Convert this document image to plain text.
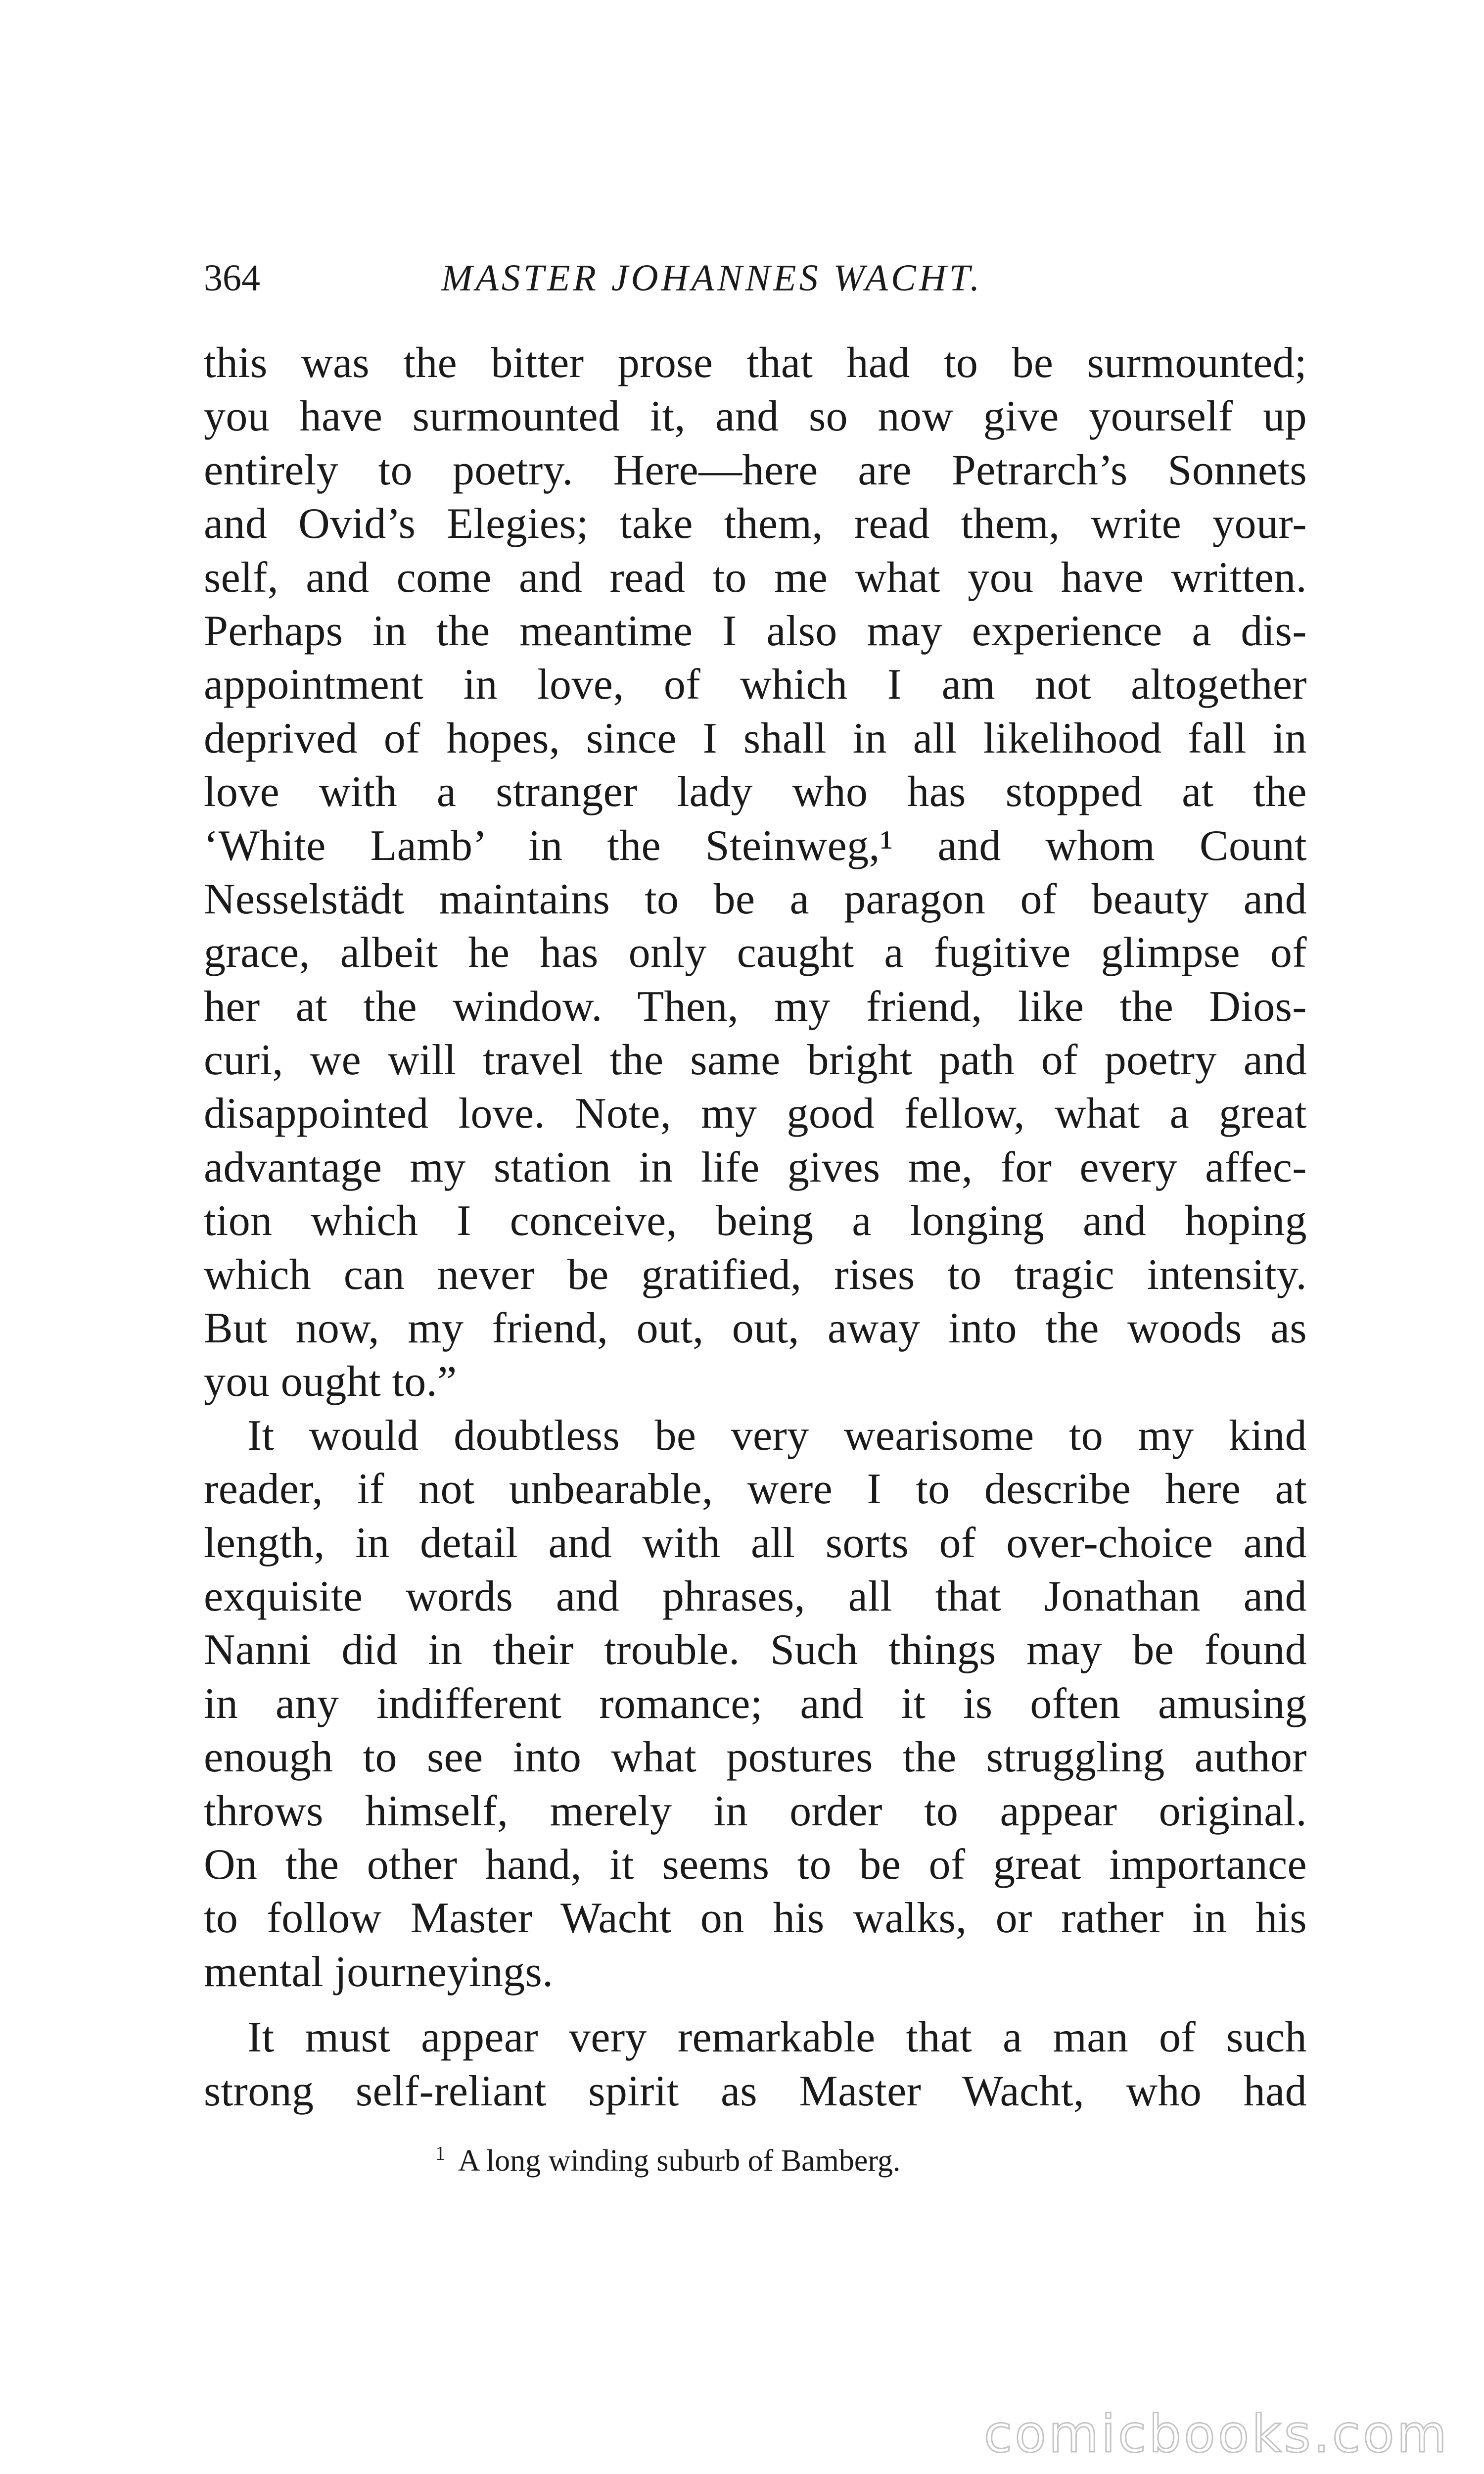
364	MASTER JOHANNES WACHT.
this was the bitter prose that had to be surmounted;
you have surmounted it, and so now give yourself up
entirely to poetry. Here—here are Petrarch’s Sonnets
and Ovid’s Elegies; take them, read them, write your-
self, and come and read to me what you have written.
Perhaps in the meantime I also may experience a dis-
appointment in love, of which I am not altogether
deprived of hopes, since I shall in all likelihood fall in
love with a stranger lady who has stopped at the
‘White Lamb’ in the Steinweg,¹ and whom Count
Nesselstädt maintains to be a paragon of beauty and
grace, albeit he has only caught a fugitive glimpse of
her at the window. Then, my friend, like the Dios-
curi, we will travel the same bright path of poetry and
disappointed love. Note, my good fellow, what a great
advantage my station in life gives me, for every affec-
tion which I conceive, being a longing and hoping
which can never be gratified, rises to tragic intensity.
But now, my friend, out, out, away into the woods as
you ought to.”
It would doubtless be very wearisome to my kind
reader, if not unbearable, were I to describe here at
length, in detail and with all sorts of over-choice and
exquisite words and phrases, all that Jonathan and
Nanni did in their trouble. Such things may be found
in any indifferent romance; and it is often amusing
enough to see into what postures the struggling author
throws himself, merely in order to appear original.
On the other hand, it seems to be of great importance
to follow Master Wacht on his walks, or rather in his
mental journeyings.
It must appear very remarkable that a man of such
strong self-reliant spirit as Master Wacht, who had
$^1$ A long winding suburb of Bamberg.
comicbooks.com
